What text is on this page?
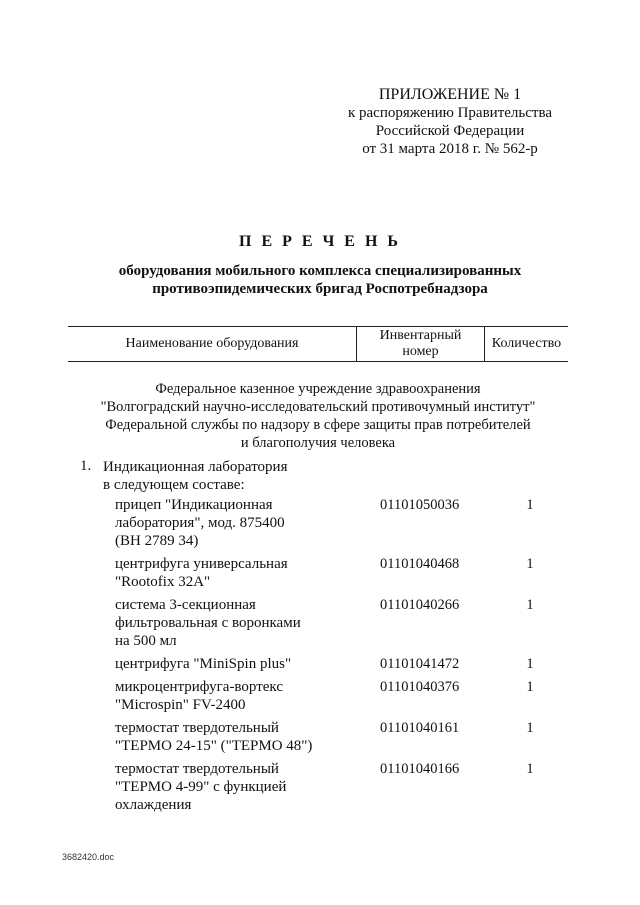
ПРИЛОЖЕНИЕ № 1
к распоряжению Правительства
Российской Федерации
от 31 марта 2018 г. № 562-р
П Е Р Е Ч Е Н Ь
оборудования мобильного комплекса специализированных
противоэпидемических бригад Роспотребнадзора
Наименование оборудования
Инвентарный
номер
Количество
Федеральное казенное учреждение здравоохранения
"Волгоградский научно-исследовательский противочумный институт"
Федеральной службы по надзору в сфере защиты прав потребителей
и благополучия человека
1. Индикационная лаборатория
в следующем составе:
прицеп "Индикационная
лаборатория", мод. 875400
(ВН 2789 34)
01101050036	1
центрифуга универсальная
"Rootofix 32А"
01101040468	1
система 3-секционная
фильтровальная с воронками
на 500 мл
01101040266	1
центрифуга "MiniSpin plus"	01101041472	1
микроцентрифуга-вортекс
"Microspin" FV-2400
01101040376	1
термостат твердотельный
"ТЕРМО 24-15" ("ТЕРМО 48")
01101040161	1
термостат твердотельный
"ТЕРМО 4-99" с функцией
охлаждения
01101040166	1
3682420.doc
